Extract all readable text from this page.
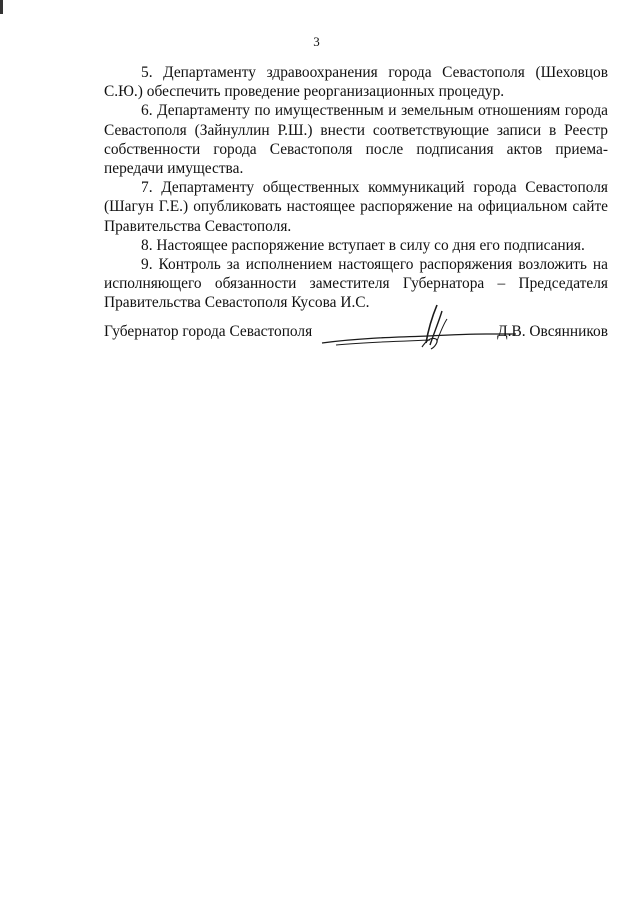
3

5. Департаменту здравоохранения города Севастополя (Шеховцов С.Ю.) обеспечить проведение реорганизационных процедур.

6. Департаменту по имущественным и земельным отношениям города Севастополя (Зайнуллин Р.Ш.) внести соответствующие записи в Реестр собственности города Севастополя после подписания актов приема-передачи имущества.

7. Департаменту общественных коммуникаций города Севастополя (Шагун Г.Е.) опубликовать настоящее распоряжение на официальном сайте Правительства Севастополя.

8. Настоящее распоряжение вступает в силу со дня его подписания.

9. Контроль за исполнением настоящего распоряжения возложить на исполняющего обязанности заместителя Губернатора – Председателя Правительства Севастополя Кусова И.С.

Губернатор города Севастополя	Д.В. Овсянников
